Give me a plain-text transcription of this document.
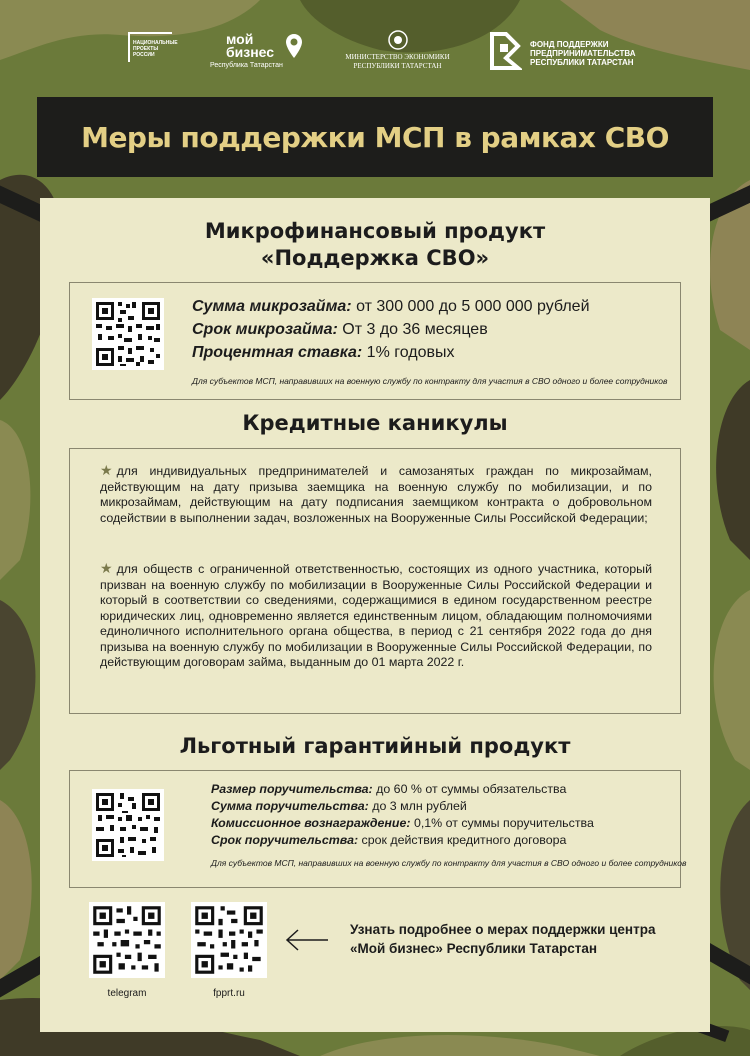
НАЦИОНАЛЬНЫЕ ПРОЕКТЫ РОССИИ
мой
бизнес
Республика Татарстан
МИНИСТЕРСТВО ЭКОНОМИКИ
РЕСПУБЛИКИ ТАТАРСТАН
ФОНД ПОДДЕРЖКИ
ПРЕДПРИНИМАТЕЛЬСТВА
РЕСПУБЛИКИ ТАТАРСТАН
Меры поддержки МСП в рамках СВО
Микрофинансовый продукт
«Поддержка СВО»
Сумма микрозайма: от 300 000 до 5 000 000 рублей
Срок микрозайма: От 3 до 36 месяцев
Процентная ставка: 1% годовых
Для субъектов МСП, направивших на военную службу по контракту для участия в СВО одного и более сотрудников
Кредитные каникулы
★ для индивидуальных предпринимателей и самозанятых граждан по микрозаймам, действующим на дату призыва заемщика на военную службу по мобилизации, и по микрозаймам, действующим на дату подписания заемщиком контракта о добровольном содействии в выполнении задач, возложенных на Вооруженные Силы Российской Федерации;
★ для обществ с ограниченной ответственностью, состоящих из одного участника, который призван на военную службу по мобилизации в Вооруженные Силы Российской Федерации и который в соответствии со сведениями, содержащимися в едином государственном реестре юридических лиц, одновременно является единственным лицом, обладающим полномочиями единоличного исполнительного органа общества, в период с 21 сентября 2022 года до дня призыва на военную службу по мобилизации в Вооруженные Силы Российской Федерации, по действующим договорам займа, выданным до 01 марта 2022 г.
Льготный гарантийный продукт
Размер поручительства: до 60 % от суммы обязательства
Сумма поручительства: до 3 млн рублей
Комиссионное вознаграждение: 0,1% от суммы поручительства
Срок поручительства: срок действия кредитного договора
Для субъектов МСП, направивших на военную службу по контракту для участия в СВО одного и более сотрудников
telegram	fpprt.ru
Узнать подробнее о мерах поддержки центра
«Мой бизнес» Республики Татарстан
